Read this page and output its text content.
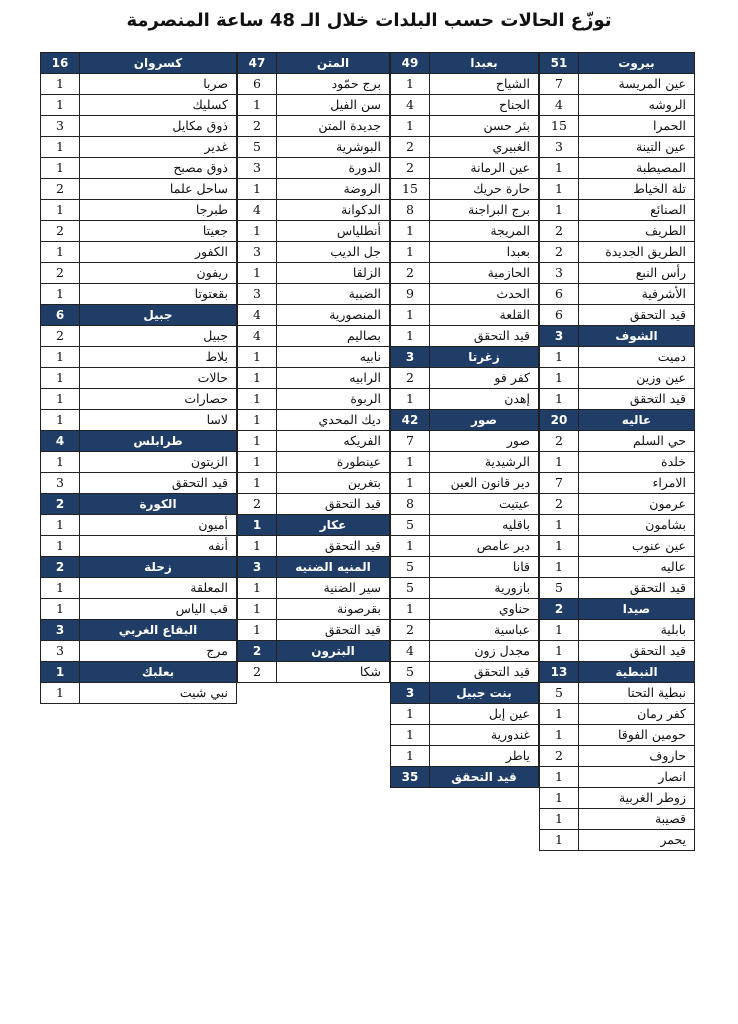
توزّع الحالات حسب البلدات خلال الـ 48 ساعة المنصرمة
بيروت	51
عين المريسة	7
الروشه	4
الحمرا	15
عين التينة	3
المصيطبة	1
تلة الخياط	1
الصنائع	1
الطريف	2
الطريق الجديدة	2
رأس النبع	3
الأشرفية	6
قيد التحقق	6
الشوف	3
دميت	1
عين وزين	1
قيد التحقق	1
عاليه	20
حي السلم	2
خلدة	1
الامراء	7
عرمون	2
بشامون	1
عين عنوب	1
عاليه	1
قيد التحقق	5
صيدا	2
بابلية	1
قيد التحقق	1
النبطية	13
نبطية التحتا	5
كفر رمان	1
حومين الفوقا	1
حاروف	2
انصار	1
زوطر الغربية	1
قصيبة	1
يحمر	1
بعبدا	49
الشياح	1
الجناح	4
بئر حسن	1
الغبيري	2
عين الرمانة	2
حارة حريك	15
برج البراجنة	8
المريجة	1
بعبدا	1
الحازمية	2
الحدث	9
القلعة	1
قيد التحقق	1
زغرتا	3
كفر فو	2
إهدن	1
صور	42
صور	7
الرشيدية	1
دير قانون العين	1
عيتيت	8
باقليه	5
دير عامص	1
قانا	5
بازورية	5
حناوي	1
عباسية	2
مجدل زون	4
قيد التحقق	5
بنت جبيل	3
عين إبل	1
غندورية	1
ياطر	1
قيد التحقق	35
المتن	47
برج حمّود	6
سن الفيل	1
جديدة المتن	2
البوشرية	5
الدورة	3
الروضة	1
الدكوانة	4
أنطلياس	1
جل الديب	3
الزلقا	1
الضبية	3
المنصورية	4
بصاليم	4
نابيه	1
الرابيه	1
الربوة	1
ديك المحدي	1
الفريكه	1
عينطورة	1
بتغرين	1
قيد التحقق	2
عكار	1
قيد التحقق	1
المنيه الضنيه	3
سير الضنية	1
بقرصونة	1
قيد التحقق	1
البترون	2
شكا	2
كسروان	16
صربا	1
كسليك	1
ذوق مكايل	3
غدير	1
ذوق مصبح	1
ساحل علما	2
طبرجا	1
جعيتا	2
الكفور	1
ريفون	2
بقعتوتا	1
جبيل	6
جبيل	2
بلاط	1
حالات	1
حصارات	1
لاسا	1
طرابلس	4
الزيتون	1
قيد التحقق	3
الكورة	2
أميون	1
أنفه	1
زحلة	2
المعلقة	1
قب الياس	1
البقاع الغربي	3
مرج	3
بعلبك	1
نبي شيت	1
